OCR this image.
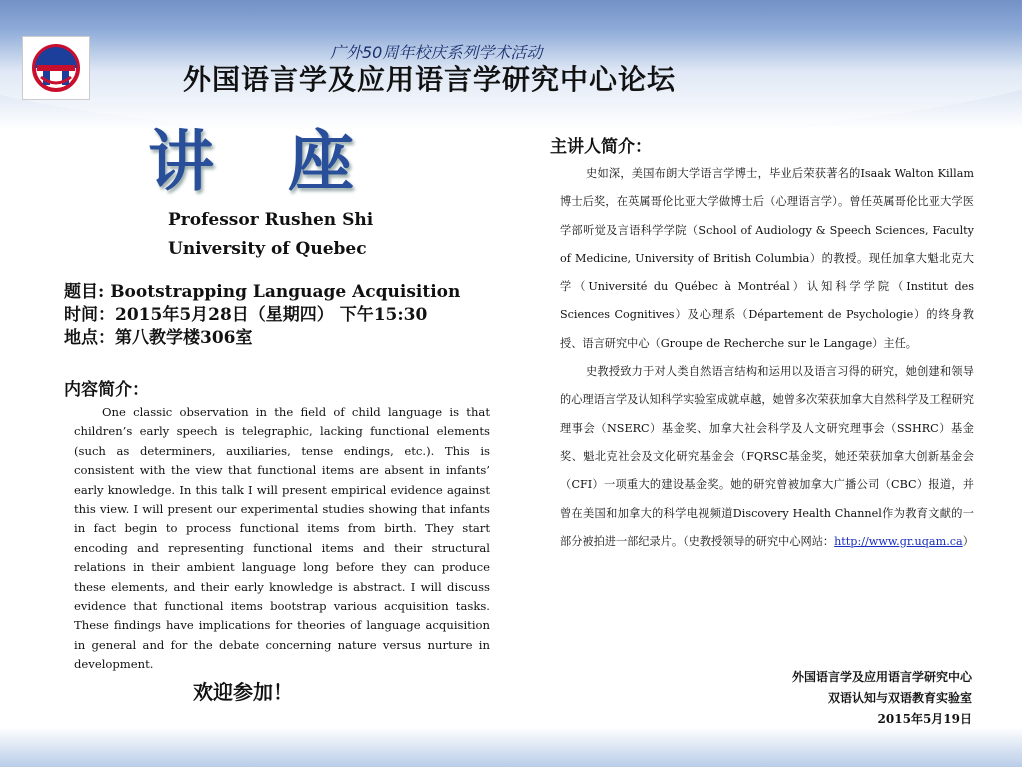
广外50周年校庆系列学术活动
外国语言学及应用语言学研究中心论坛
讲座
Professor Rushen Shi
University of Quebec
题目: Bootstrapping Language Acquisition
时间：2015年5月28日（星期四） 下午15:30
地点：第八教学楼306室
内容简介：
One classic observation in the field of child language is that children’s early speech is telegraphic, lacking functional elements (such as determiners, auxiliaries, tense endings, etc.). This is consistent with the view that functional items are absent in infants’ early knowledge. In this talk I will present empirical evidence against this view. I will present our experimental studies showing that infants in fact begin to process functional items from birth. They start encoding and representing functional items and their structural relations in their ambient language long before they can produce these elements, and their early knowledge is abstract. I will discuss evidence that functional items bootstrap various acquisition tasks. These findings have implications for theories of language acquisition in general and for the debate concerning nature versus nurture in development.
欢迎参加！
主讲人简介：

史如深，美国布朗大学语言学博士，毕业后荣获著名的Isaak Walton Killam博士后奖，在英属哥伦比亚大学做博士后（心理语言学）。曾任英属哥伦比亚大学医学部听觉及言语科学学院（School of Audiology & Speech Sciences, Faculty of Medicine, University of British Columbia）的教授。现任加拿大魁北克大学（Université du Québec à Montréal）认知科学学院（Institut des Sciences Cognitives）及心理系（Département de Psychologie）的终身教授、语言研究中心（Groupe de Recherche sur le Langage）主任。

史教授致力于对人类自然语言结构和运用以及语言习得的研究，她创建和领导的心理语言学及认知科学实验室成就卓越，她曾多次荣获加拿大自然科学及工程研究理事会（NSERC）基金奖、加拿大社会科学及人文研究理事会（SSHRC）基金奖、魁北克社会及文化研究基金会（FQRSC基金奖，她还荣获加拿大创新基金会（CFI）一项重大的建设基金奖。她的研究曾被加拿大广播公司（CBC）报道，并曾在美国和加拿大的科学电视频道Discovery Health Channel作为教育文献的一部分被拍进一部纪录片。（史教授领导的研究中心网站：http://www.gr.uqam.ca）

外国语言学及应用语言学研究中心
双语认知与双语教育实验室
2015年5月19日
